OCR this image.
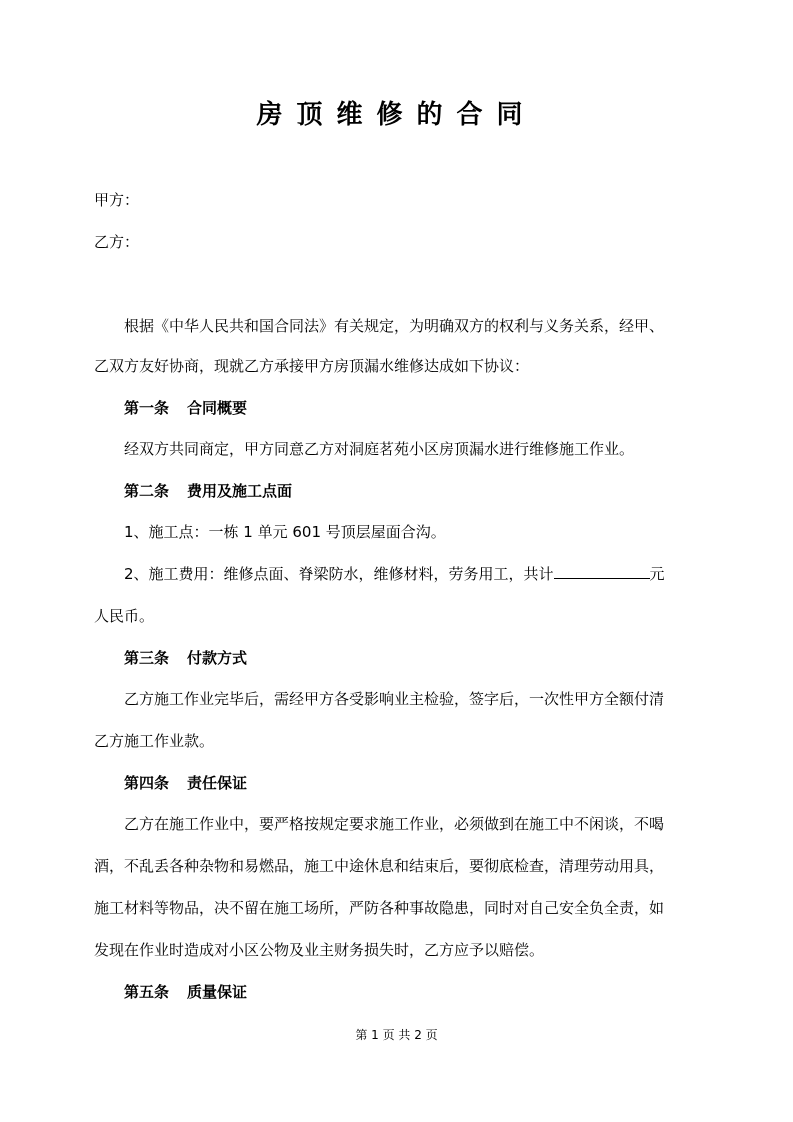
房顶维修的合同
甲方：
乙方：
根据《中华人民共和国合同法》有关规定，为明确双方的权利与义务关系，经甲、
乙双方友好协商，现就乙方承接甲方房顶漏水维修达成如下协议：
第一条 合同概要
经双方共同商定，甲方同意乙方对洞庭茗苑小区房顶漏水进行维修施工作业。
第二条 费用及施工点面
1、施工点：一栋 1 单元 601 号顶层屋面合沟。
2、施工费用：维修点面、脊梁防水，维修材料，劳务用工，共计	元
人民币。
第三条 付款方式
乙方施工作业完毕后，需经甲方各受影响业主检验，签字后，一次性甲方全额付清
乙方施工作业款。
第四条 责任保证
乙方在施工作业中，要严格按规定要求施工作业，必须做到在施工中不闲谈，不喝
酒，不乱丢各种杂物和易燃品，施工中途休息和结束后，要彻底检查，清理劳动用具，
施工材料等物品，决不留在施工场所，严防各种事故隐患，同时对自己安全负全责，如
发现在作业时造成对小区公物及业主财务损失时，乙方应予以赔偿。
第五条 质量保证
第 1 页 共 2 页
